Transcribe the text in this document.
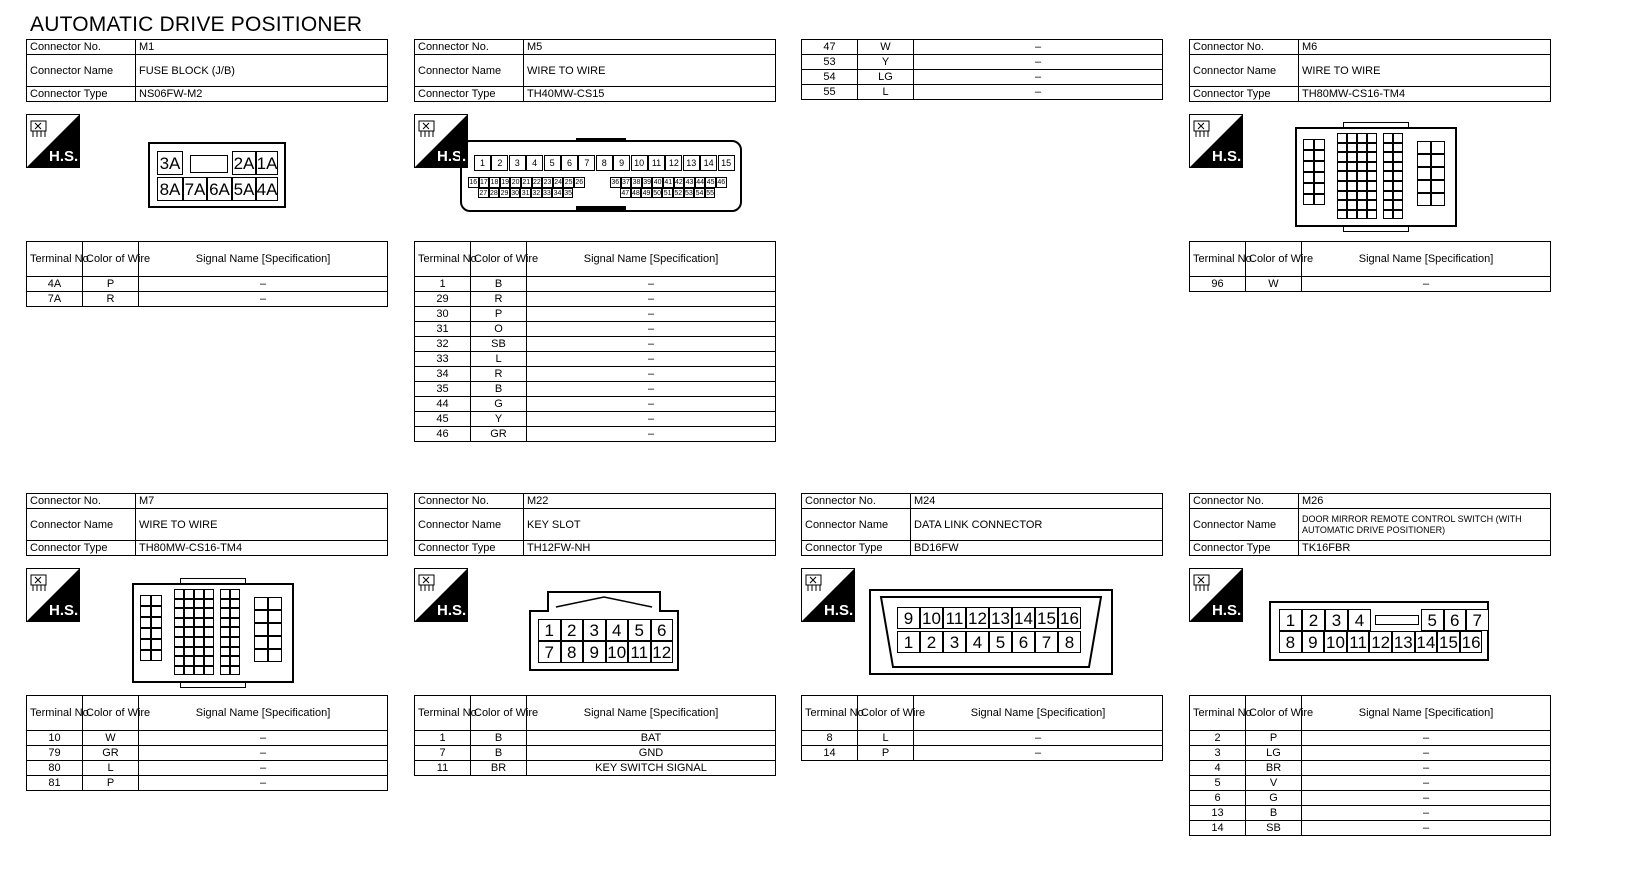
AUTOMATIC DRIVE POSITIONER
Connector No.	M1
Connector Name	FUSE BLOCK (J/B)
Connector Type	NS06FW-M2
H.S.	3A	2A 1A
8A 7A 6A 5A 4A
Terminal No.	Color of Wire	Signal Name [Specification]
4A	P	–
7A	R	–
Connector No.	M5
Connector Name	WIRE TO WIRE
Connector Type	TH40MW-CS15
H.S.	1	2	3	4	5	6	7	8	9	10 11 12 13 14 15
16 17 18 19 20 21 22 23 24 25 26	36 37 38 39 40 41 42 43 44 45 46
27 28 29 30 31 32 33 34 35	47 48 49 50 51 52 53 54 55
Terminal No.	Color of Wire	Signal Name [Specification]
1	B	–
29	R	–
30	P	–
31	O	–
32	SB	–
33	L	–
34	R	–
35	B	–
44	G	–
45	Y	–
46	GR	–
47	W	–
53	Y	–
54	LG	–
55	L	–
Connector No.	M6
Connector Name	WIRE TO WIRE
Connector Type	TH80MW-CS16-TM4
H.S.
Terminal No.	Color of Wire	Signal Name [Specification]
96	W	–
Connector No.	M7
Connector Name	WIRE TO WIRE
Connector Type	TH80MW-CS16-TM4
H.S.
Terminal No.	Color of Wire	Signal Name [Specification]
10	W	–
79	GR	–
80	L	–
81	P	–
Connector No.	M22
Connector Name	KEY SLOT
Connector Type	TH12FW-NH
H.S.
1 2 3 4 5 6
7 8 9 10 11 12
Terminal No.	Color of Wire	Signal Name [Specification]
1	B	BAT
7	B	GND
11	BR	KEY SWITCH SIGNAL
Connector No.	M24
Connector Name	DATA LINK CONNECTOR
Connector Type	BD16FW
H.S.	9 10 11 12 13 14 15 16
1 2 3 4 5 6 7 8
Terminal No.	Color of Wire	Signal Name [Specification]
8	L	–
14	P	–
Connector No.	M26
Connector Name	DOOR MIRROR REMOTE CONTROL SWITCH (WITH AUTOMATIC DRIVE POSITIONER)
Connector Type	TK16FBR
H.S.	1 2 3 4	5 6 7
8 9 10 11 12 13 14 15 16
Terminal No.	Color of Wire	Signal Name [Specification]
2	P	–
3	LG	–
4	BR	–
5	V	–
6	G	–
13	B	–
14	SB	–
